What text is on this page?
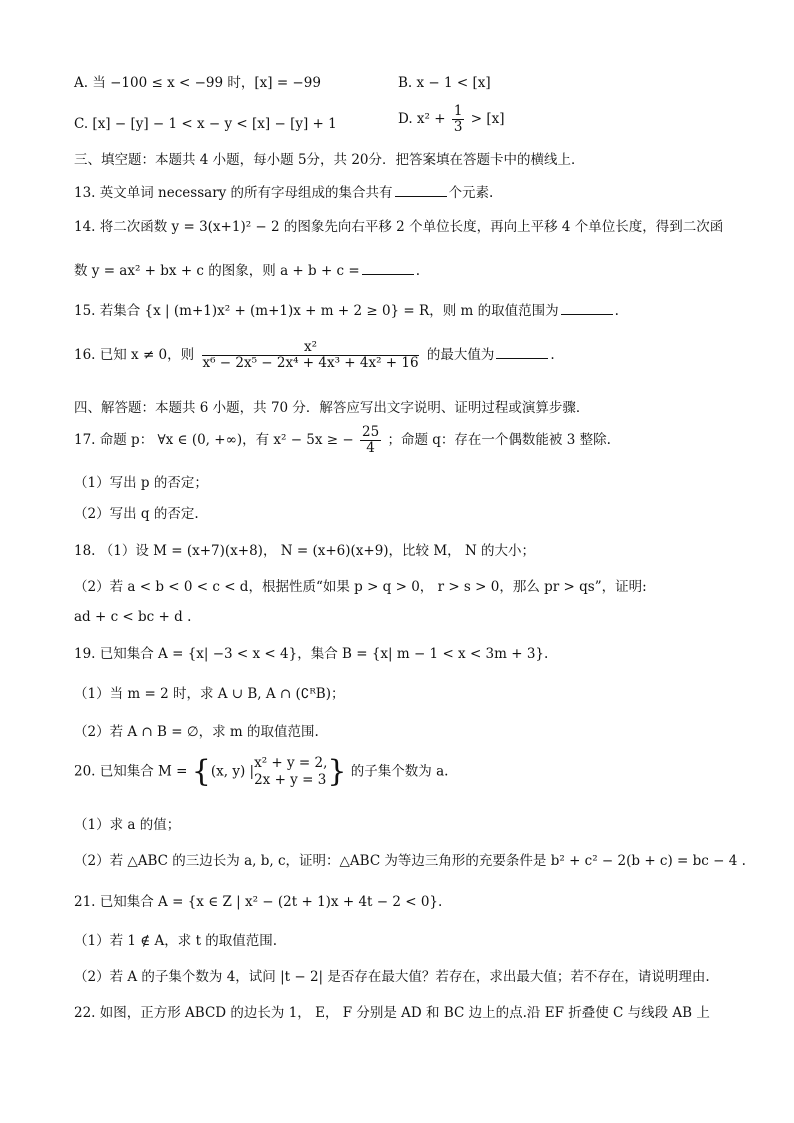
A. 当 −100 ≤ x < −99 时，[x] = −99	B. x − 1 < [x]
C. [x] − [y] − 1 < x − y < [x] − [y] + 1	D. $x^2 + \frac{1}{3} > [x]$
三、填空题：本题共 4 小题，每小题 5分，共 20分．把答案填在答题卡中的横线上．
13. 英文单词 necessary 的所有字母组成的集合共有	个元素.
14. 将二次函数 y = 3(x+1)² − 2 的图象先向右平移 2 个单位长度，再向上平移 4 个单位长度，得到二次函
数 y = ax² + bx + c 的图象，则 a + b + c =	.
15. 若集合 {x | (m+1)x² + (m+1)x + m + 2 ≥ 0} = R，则 m 的取值范围为	.
16. 已知 x ≠ 0，则 $\frac{\text{x²}}{\text{x⁶ − 2x⁵ − 2x⁴ + 4x³ + 4x² + 16}}$ 的最大值为	.
四、解答题：本题共 6 小题，共 70 分．解答应写出文字说明、证明过程或演算步骤．
17. 命题 p： ∀x ∈ (0, +∞)，有 x² − 5x ≥ − $\frac{25}{4}$ ；命题 q：存在一个偶数能被 3 整除.
（1）写出 p 的否定；
（2）写出 q 的否定.
18. （1）设 M = (x+7)(x+8)， N = (x+6)(x+9)，比较 M， N 的大小；
（2）若 a < b < 0 < c < d，根据性质“如果 p > q > 0， r > s > 0，那么 pr > qs”，证明:
ad + c < bc + d .
19. 已知集合 A = {x| −3 < x < 4}，集合 B = {x| m − 1 < x < 3m + 3}.
（1）当 m = 2 时，求 A ∪ B, A ∩ (∁ᴿB)；
（2）若 A ∩ B = ∅，求 m 的取值范围.
20. 已知集合 M = {(x, y) |
x² + y = 2,
2x + y = 3 } 的子集个数为 a.
（1）求 a 的值；
（2）若 △ABC 的三边长为 a, b, c，证明：△ABC 为等边三角形的充要条件是 b² + c² − 2(b + c) = bc − 4 .
21. 已知集合 A = {x ∈ Z | x² − (2t + 1)x + 4t − 2 < 0}.
（1）若 1 ∉ A，求 t 的取值范围.
（2）若 A 的子集个数为 4，试问 |t − 2| 是否存在最大值？若存在，求出最大值；若不存在，请说明理由.
22. 如图，正方形 ABCD 的边长为 1， E， F 分别是 AD 和 BC 边上的点.沿 EF 折叠使 C 与线段 AB 上
